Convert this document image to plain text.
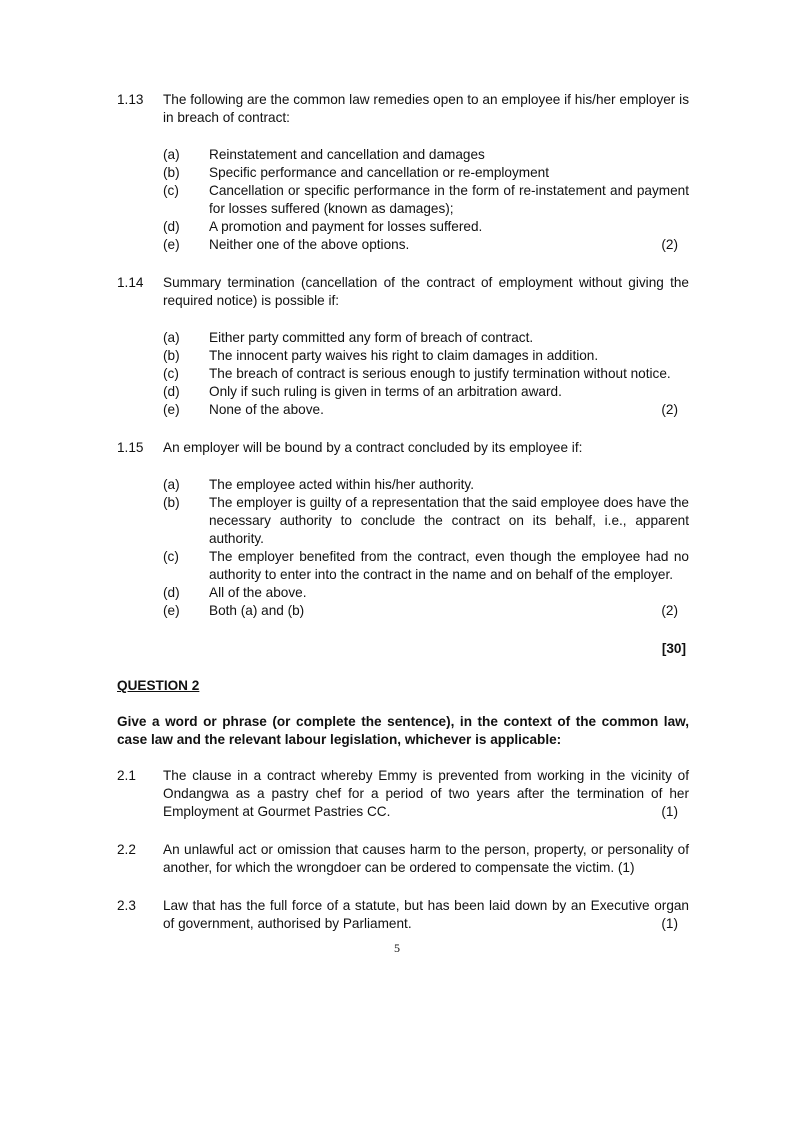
1.13	The following are the common law remedies open to an employee if his/her employer is in breach of contract:
(a) Reinstatement and cancellation and damages
(b) Specific performance and cancellation or re-employment
(c) Cancellation or specific performance in the form of re-instatement and payment for losses suffered (known as damages);
(d) A promotion and payment for losses suffered.
(e) Neither one of the above options.	(2)
1.14	Summary termination (cancellation of the contract of employment without giving the required notice) is possible if:
(a) Either party committed any form of breach of contract.
(b) The innocent party waives his right to claim damages in addition.
(c) The breach of contract is serious enough to justify termination without notice.
(d) Only if such ruling is given in terms of an arbitration award.
(e) None of the above.	(2)
1.15	An employer will be bound by a contract concluded by its employee if:
(a) The employee acted within his/her authority.
(b) The employer is guilty of a representation that the said employee does have the necessary authority to conclude the contract on its behalf, i.e., apparent authority.
(c) The employer benefited from the contract, even though the employee had no authority to enter into the contract in the name and on behalf of the employer.
(d) All of the above.
(e) Both (a) and (b)	(2)
[30]
QUESTION 2
Give a word or phrase (or complete the sentence), in the context of the common law, case law and the relevant labour legislation, whichever is applicable:
2.1	The clause in a contract whereby Emmy is prevented from working in the vicinity of Ondangwa as a pastry chef for a period of two years after the termination of her Employment at Gourmet Pastries CC.	(1)
2.2	An unlawful act or omission that causes harm to the person, property, or personality of another, for which the wrongdoer can be ordered to compensate the victim. (1)
2.3	Law that has the full force of a statute, but has been laid down by an Executive organ of government, authorised by Parliament.	(1)
5
